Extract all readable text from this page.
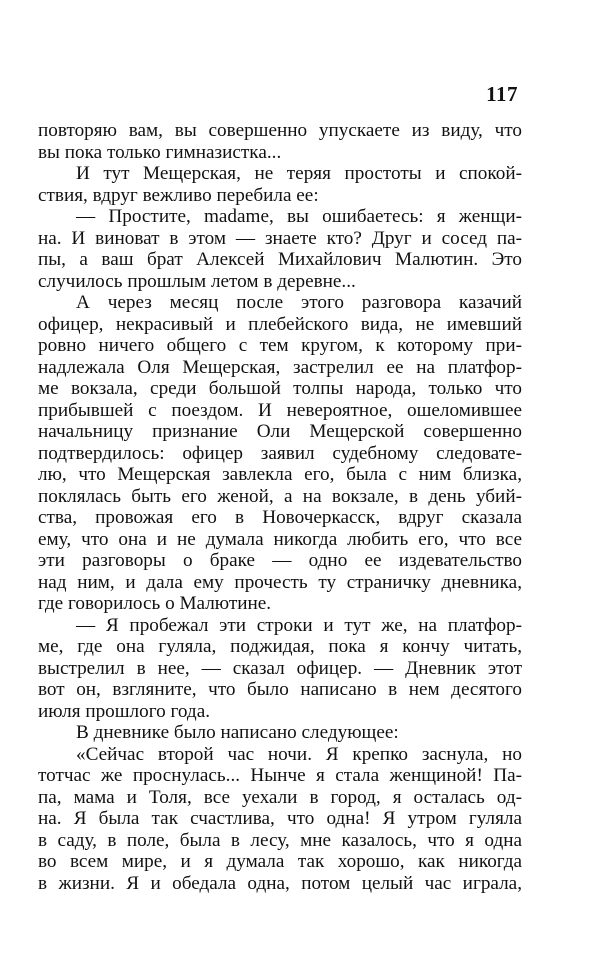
117
повторяю вам, вы совершенно упускаете из виду, что
вы пока только гимназистка...
И тут Мещерская, не теряя простоты и спокой-
ствия, вдруг вежливо перебила ее:
— Простите, madame, вы ошибаетесь: я женщи-
на. И виноват в этом — знаете кто? Друг и сосед па-
пы, а ваш брат Алексей Михайлович Малютин. Это
случилось прошлым летом в деревне...
А через месяц после этого разговора казачий
офицер, некрасивый и плебейского вида, не имевший
ровно ничего общего с тем кругом, к которому при-
надлежала Оля Мещерская, застрелил ее на платфор-
ме вокзала, среди большой толпы народа, только что
прибывшей с поездом. И невероятное, ошеломившее
начальницу признание Оли Мещерской совершенно
подтвердилось: офицер заявил судебному следовате-
лю, что Мещерская завлекла его, была с ним близка,
поклялась быть его женой, а на вокзале, в день убий-
ства, провожая его в Новочеркасск, вдруг сказала
ему, что она и не думала никогда любить его, что все
эти разговоры о браке — одно ее издевательство
над ним, и дала ему прочесть ту страничку дневника,
где говорилось о Малютине.
— Я пробежал эти строки и тут же, на платфор-
ме, где она гуляла, поджидая, пока я кончу читать,
выстрелил в нее, — сказал офицер. — Дневник этот
вот он, взгляните, что было написано в нем десятого
июля прошлого года.
В дневнике было написано следующее:
«Сейчас второй час ночи. Я крепко заснула, но
тотчас же проснулась... Нынче я стала женщиной! Па-
па, мама и Толя, все уехали в город, я осталась од-
на. Я была так счастлива, что одна! Я утром гуляла
в саду, в поле, была в лесу, мне казалось, что я одна
во всем мире, и я думала так хорошо, как никогда
в жизни. Я и обедала одна, потом целый час играла,
